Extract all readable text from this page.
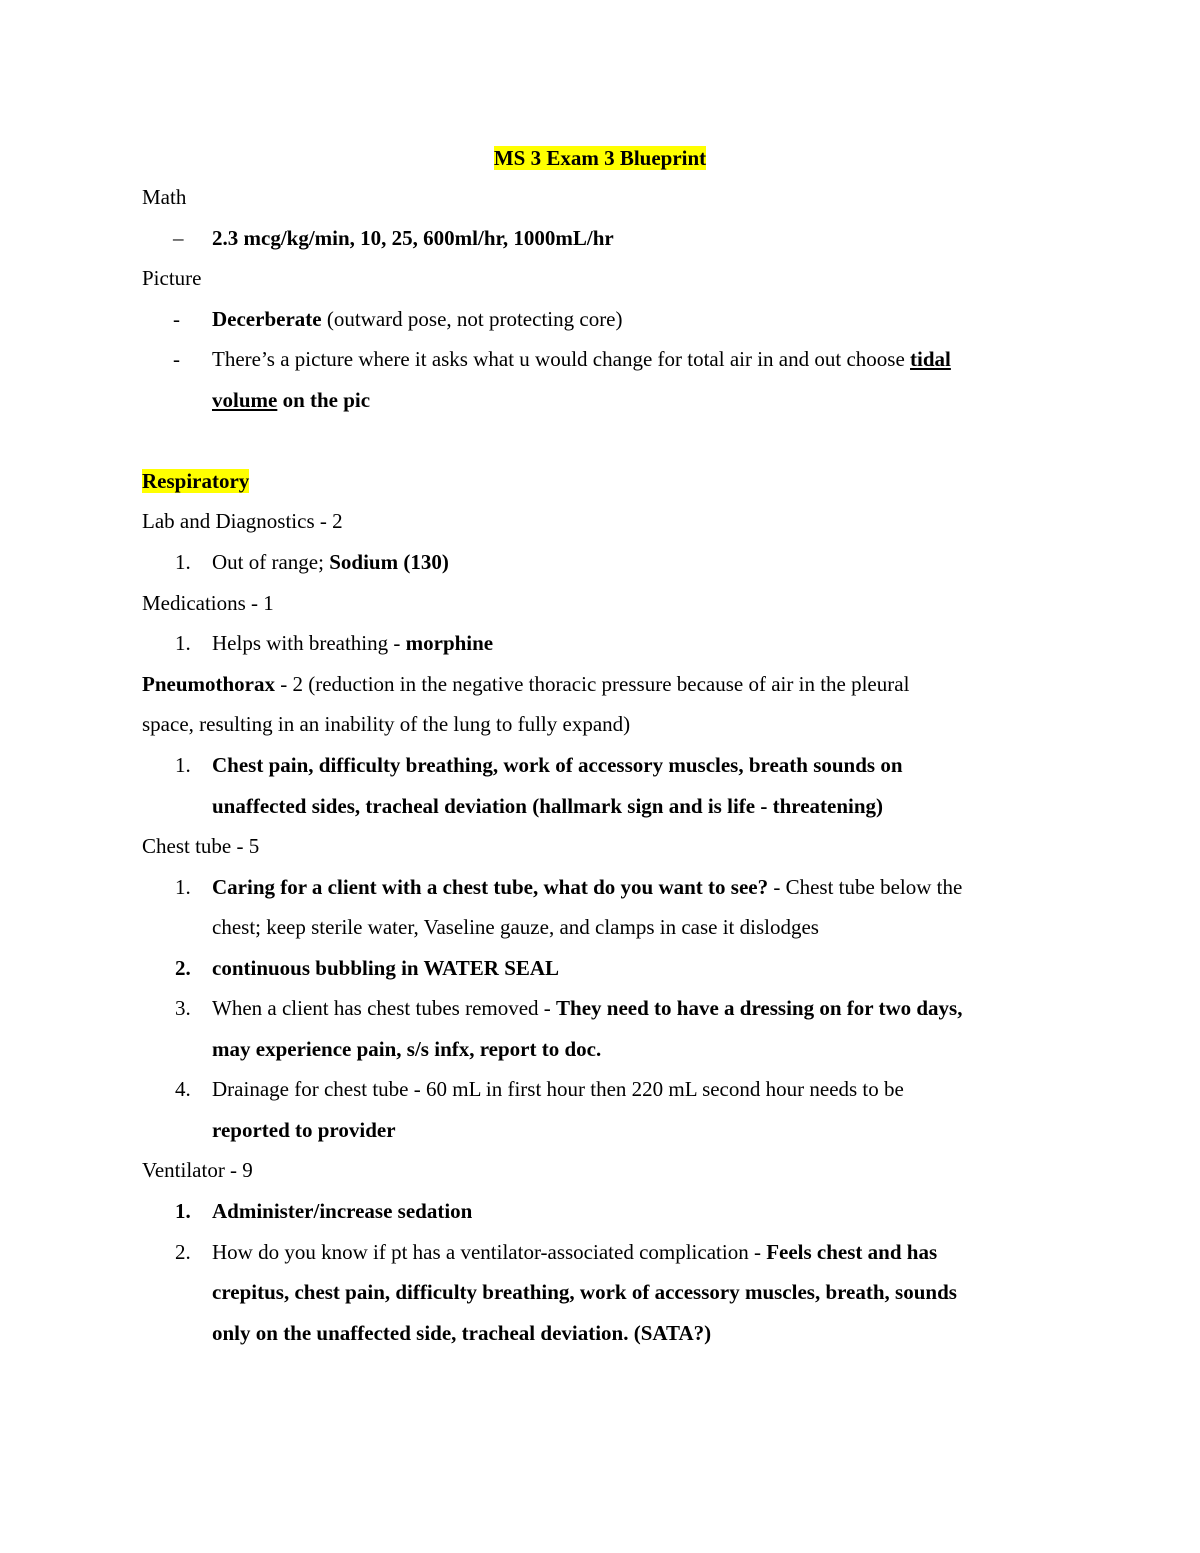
MS 3 Exam 3 Blueprint
Math
– 2.3 mcg/kg/min, 10, 25, 600ml/hr, 1000mL/hr
Picture
- Decerberate (outward pose, not protecting core)
- There’s a picture where it asks what u would change for total air in and out choose tidal
volume on the pic
Respiratory
Lab and Diagnostics - 2
1. Out of range; Sodium (130)
Medications - 1
1. Helps with breathing - morphine
Pneumothorax - 2 (reduction in the negative thoracic pressure because of air in the pleural
space, resulting in an inability of the lung to fully expand)
1. Chest pain, difficulty breathing, work of accessory muscles, breath sounds on
unaffected sides, tracheal deviation (hallmark sign and is life - threatening)
Chest tube - 5
1. Caring for a client with a chest tube, what do you want to see? - Chest tube below the
chest; keep sterile water, Vaseline gauze, and clamps in case it dislodges
2. continuous bubbling in WATER SEAL
3. When a client has chest tubes removed - They need to have a dressing on for two days,
may experience pain, s/s infx, report to doc.
4. Drainage for chest tube - 60 mL in first hour then 220 mL second hour needs to be
reported to provider
Ventilator - 9
1. Administer/increase sedation
2. How do you know if pt has a ventilator-associated complication - Feels chest and has
crepitus, chest pain, difficulty breathing, work of accessory muscles, breath, sounds
only on the unaffected side, tracheal deviation. (SATA?)
